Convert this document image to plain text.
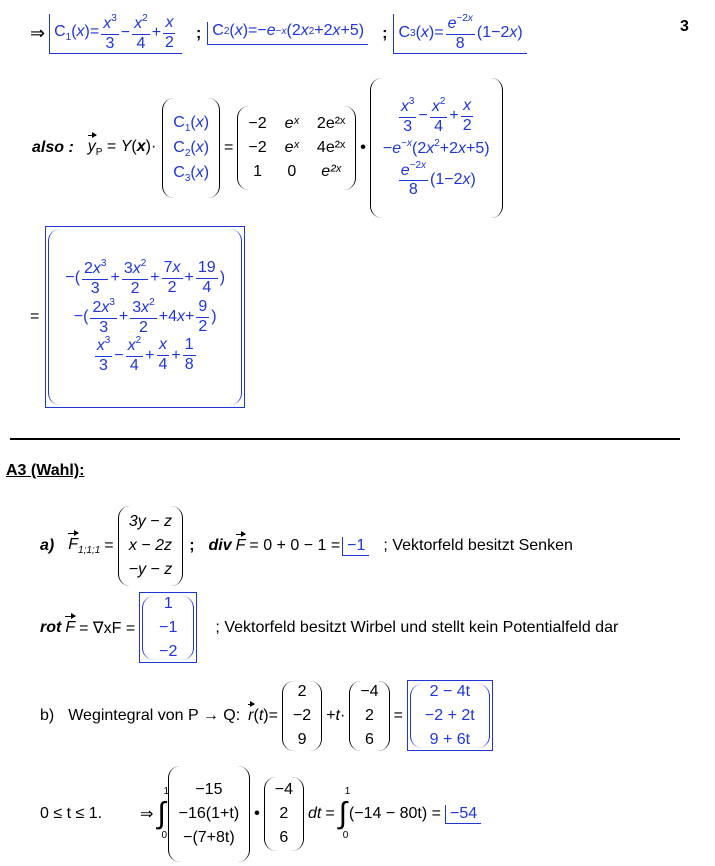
3
⇒ $C_1(x)= \frac{x^3}{3} - \frac{x^2}{4} + \frac{x}{2}$ ; C 2 ( x )=− e −x (2 x 2 +2 x +5) ; C 3 ( x )= $\frac{e^{-2x}}{8} (1-2$ x )
also : $y_P = Y(x)\cdot$
$C_1(x)$
$C_2(x)$
$C_3(x)$
=
−2 eˣ 2e²ˣ
−2 eˣ 4e²ˣ
1 0 e²ˣ
•
$\frac{x^3}{3} - \frac{x^2}{4} + \frac{x}{2}$
$-e^{-x}(2x^2+2x+5)$
$\frac{e^{-2x}}{8} (1-2$ x )
=
−( $\frac{2x^3}{3} + \frac{3x^2}{2} + \frac{7x}{2} + \frac{19}{4}$ )
−( $\frac{2x^3}{3} + \frac{3x^2}{2} +4$ $x + \frac{9}{2}$ )
$\frac{x^3}{3} - \frac{x^2}{4} + \frac{x}{4} + \frac{1}{8}$
A3 (Wahl):
a) $F_{1;1;1}$ =
3y − z
x − 2z
−y − z
; div F = 0 + 0 − 1 = −1 ; Vektorfeld besitzt Senken
rot F = ∇xF =
1
−1
−2
; Vektorfeld besitzt Wirbel und stellt kein Potentialfeld dar
b) Wegintegral von P → Q: r(t)=
2
−2
9
+t·
−4
2
6
=
2 − 4t
−2 + 2t
9 + 6t
0 ≤ t ≤ 1. ⇒ ∫
1
0
−15
−16(1+t)
−(7+8t)
•
−4
2
6
dt = ∫
1
0
(−14 − 80t) = −54
